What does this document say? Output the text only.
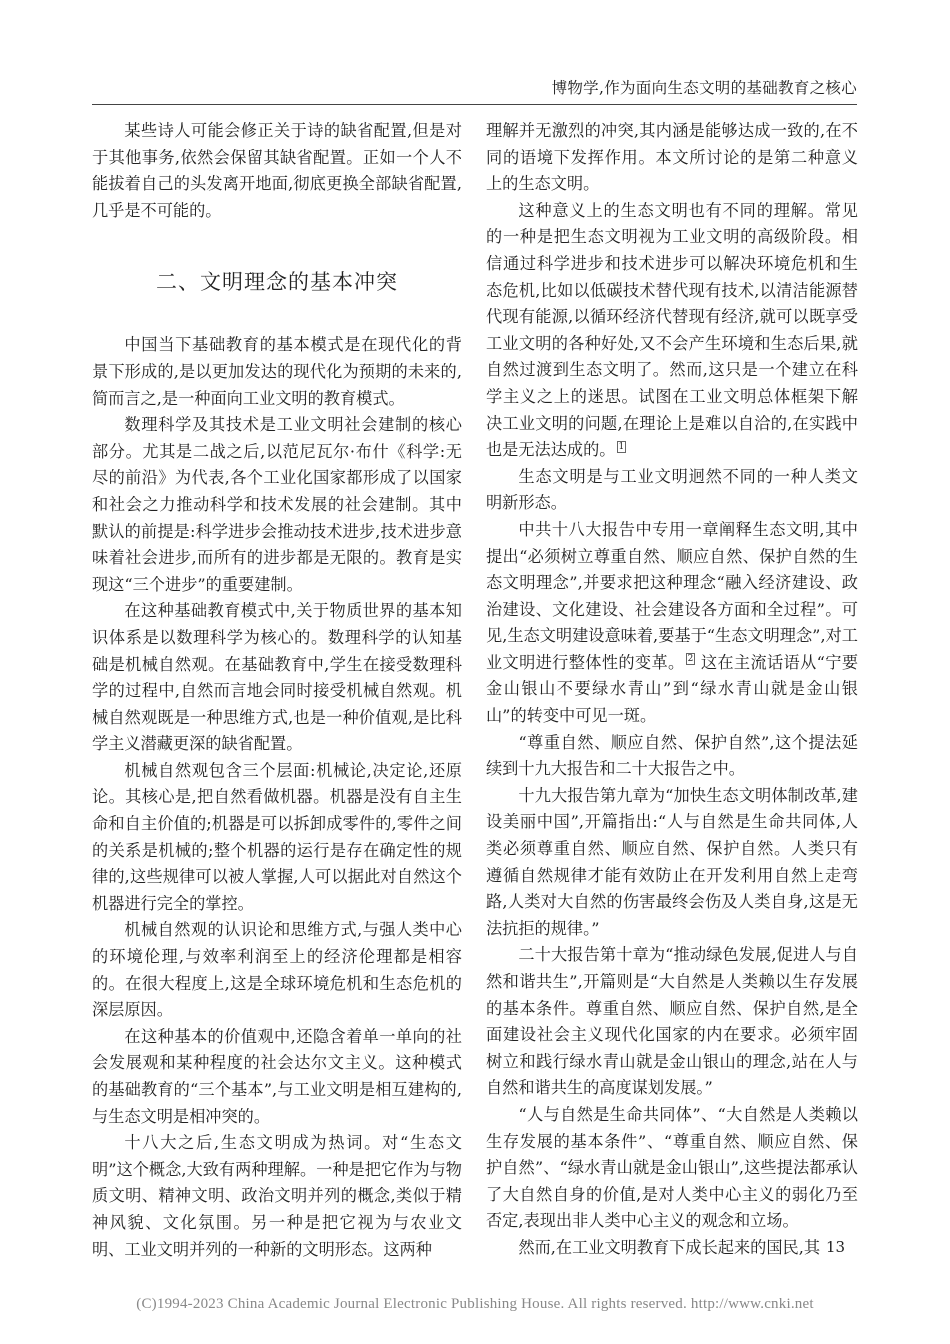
博物学,作为面向生态文明的基础教育之核心

某些诗人可能会修正关于诗的缺省配置,但是对于其他事务,依然会保留其缺省配置。正如一个人不能拔着自己的头发离开地面,彻底更换全部缺省配置,几乎是不可能的。

二、文明理念的基本冲突

中国当下基础教育的基本模式是在现代化的背景下形成的,是以更加发达的现代化为预期的未来的,简而言之,是一种面向工业文明的教育模式。

数理科学及其技术是工业文明社会建制的核心部分。尤其是二战之后,以范尼瓦尔·布什《科学:无尽的前沿》为代表,各个工业化国家都形成了以国家和社会之力推动科学和技术发展的社会建制。其中默认的前提是:科学进步会推动技术进步,技术进步意味着社会进步,而所有的进步都是无限的。教育是实现这“三个进步”的重要建制。

在这种基础教育模式中,关于物质世界的基本知识体系是以数理科学为核心的。数理科学的认知基础是机械自然观。在基础教育中,学生在接受数理科学的过程中,自然而言地会同时接受机械自然观。机械自然观既是一种思维方式,也是一种价值观,是比科学主义潜藏更深的缺省配置。

机械自然观包含三个层面:机械论,决定论,还原论。其核心是,把自然看做机器。机器是没有自主生命和自主价值的;机器是可以拆卸成零件的,零件之间的关系是机械的;整个机器的运行是存在确定性的规律的,这些规律可以被人掌握,人可以据此对自然这个机器进行完全的掌控。

机械自然观的认识论和思维方式,与强人类中心的环境伦理,与效率利润至上的经济伦理都是相容的。在很大程度上,这是全球环境危机和生态危机的深层原因。

在这种基本的价值观中,还隐含着单一单向的社会发展观和某种程度的社会达尔文主义。这种模式的基础教育的“三个基本”,与工业文明是相互建构的,与生态文明是相冲突的。

十八大之后,生态文明成为热词。对“生态文明”这个概念,大致有两种理解。一种是把它作为与物质文明、精神文明、政治文明并列的概念,类似于精神风貌、文化氛围。另一种是把它视为与农业文明、工业文明并列的一种新的文明形态。这两种

理解并无激烈的冲突,其内涵是能够达成一致的,在不同的语境下发挥作用。本文所讨论的是第二种意义上的生态文明。

这种意义上的生态文明也有不同的理解。常见的一种是把生态文明视为工业文明的高级阶段。相信通过科学进步和技术进步可以解决环境危机和生态危机,比如以低碳技术替代现有技术,以清洁能源替代现有能源,以循环经济代替现有经济,就可以既享受工业文明的各种好处,又不会产生环境和生态后果,就自然过渡到生态文明了。然而,这只是一个建立在科学主义之上的迷思。试图在工业文明总体框架下解决工业文明的问题,在理论上是难以自洽的,在实践中也是无法达成的。 $^1$

生态文明是与工业文明迥然不同的一种人类文明新形态。

中共十八大报告中专用一章阐释生态文明,其中提出“必须树立尊重自然、顺应自然、保护自然的生态文明理念”,并要求把这种理念“融入经济建设、政治建设、文化建设、社会建设各方面和全过程”。可见,生态文明建设意味着,要基于“生态文明理念”,对工业文明进行整体性的变革。 $^2$ 这在主流话语从“宁要金山银山不要绿水青山”到“绿水青山就是金山银山”的转变中可见一斑。

“尊重自然、顺应自然、保护自然”,这个提法延续到十九大报告和二十大报告之中。

十九大报告第九章为“加快生态文明体制改革,建设美丽中国”,开篇指出:“人与自然是生命共同体,人类必须尊重自然、顺应自然、保护自然。人类只有遵循自然规律才能有效防止在开发利用自然上走弯路,人类对大自然的伤害最终会伤及人类自身,这是无法抗拒的规律。”

二十大报告第十章为“推动绿色发展,促进人与自然和谐共生”,开篇则是“大自然是人类赖以生存发展的基本条件。尊重自然、顺应自然、保护自然,是全面建设社会主义现代化国家的内在要求。必须牢固树立和践行绿水青山就是金山银山的理念,站在人与自然和谐共生的高度谋划发展。”

“人与自然是生命共同体”、“大自然是人类赖以生存发展的基本条件”、“尊重自然、顺应自然、保护自然”、“绿水青山就是金山银山”,这些提法都承认了大自然自身的价值,是对人类中心主义的弱化乃至否定,表现出非人类中心主义的观念和立场。

然而,在工业文明教育下成长起来的国民,其 13
(C)1994-2023 China Academic Journal Electronic Publishing House. All rights reserved. http://www.cnki.net
